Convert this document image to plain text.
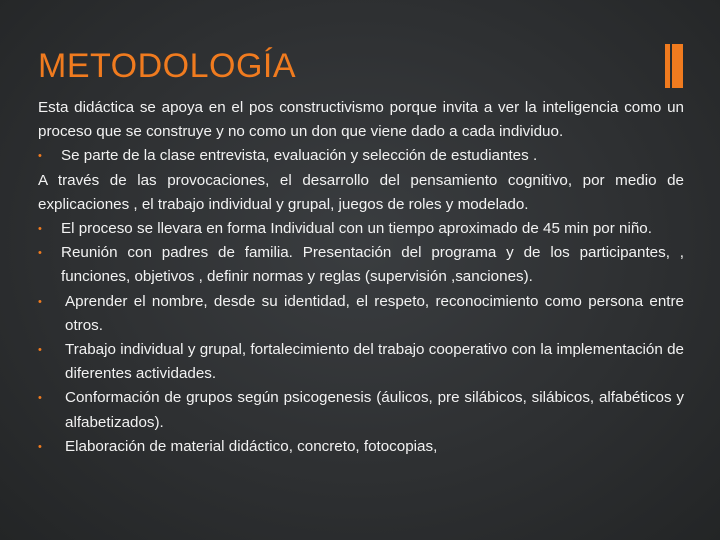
METODOLOGÍA

Esta didáctica se apoya en el pos constructivismo porque invita a ver la inteligencia como un proceso que se construye y no como un don que viene dado a cada individuo.

•	Se parte de la clase entrevista, evaluación y selección de estudiantes .

A través de las provocaciones, el desarrollo del pensamiento cognitivo, por medio de explicaciones , el trabajo individual y grupal, juegos de roles y modelado.

•	El proceso se llevara en forma Individual con un tiempo aproximado de 45 min por niño.
•	Reunión con padres de familia. Presentación del programa y de los participantes, , funciones, objetivos , definir normas y reglas (supervisión ,sanciones).
•	Aprender el nombre, desde su identidad, el respeto, reconocimiento como persona entre otros.
•	Trabajo individual y grupal, fortalecimiento del trabajo cooperativo con la implementación de diferentes actividades.
•	Conformación de grupos según psicogenesis (áulicos, pre silábicos, silábicos, alfabéticos y alfabetizados).
•	Elaboración de material didáctico, concreto, fotocopias,
